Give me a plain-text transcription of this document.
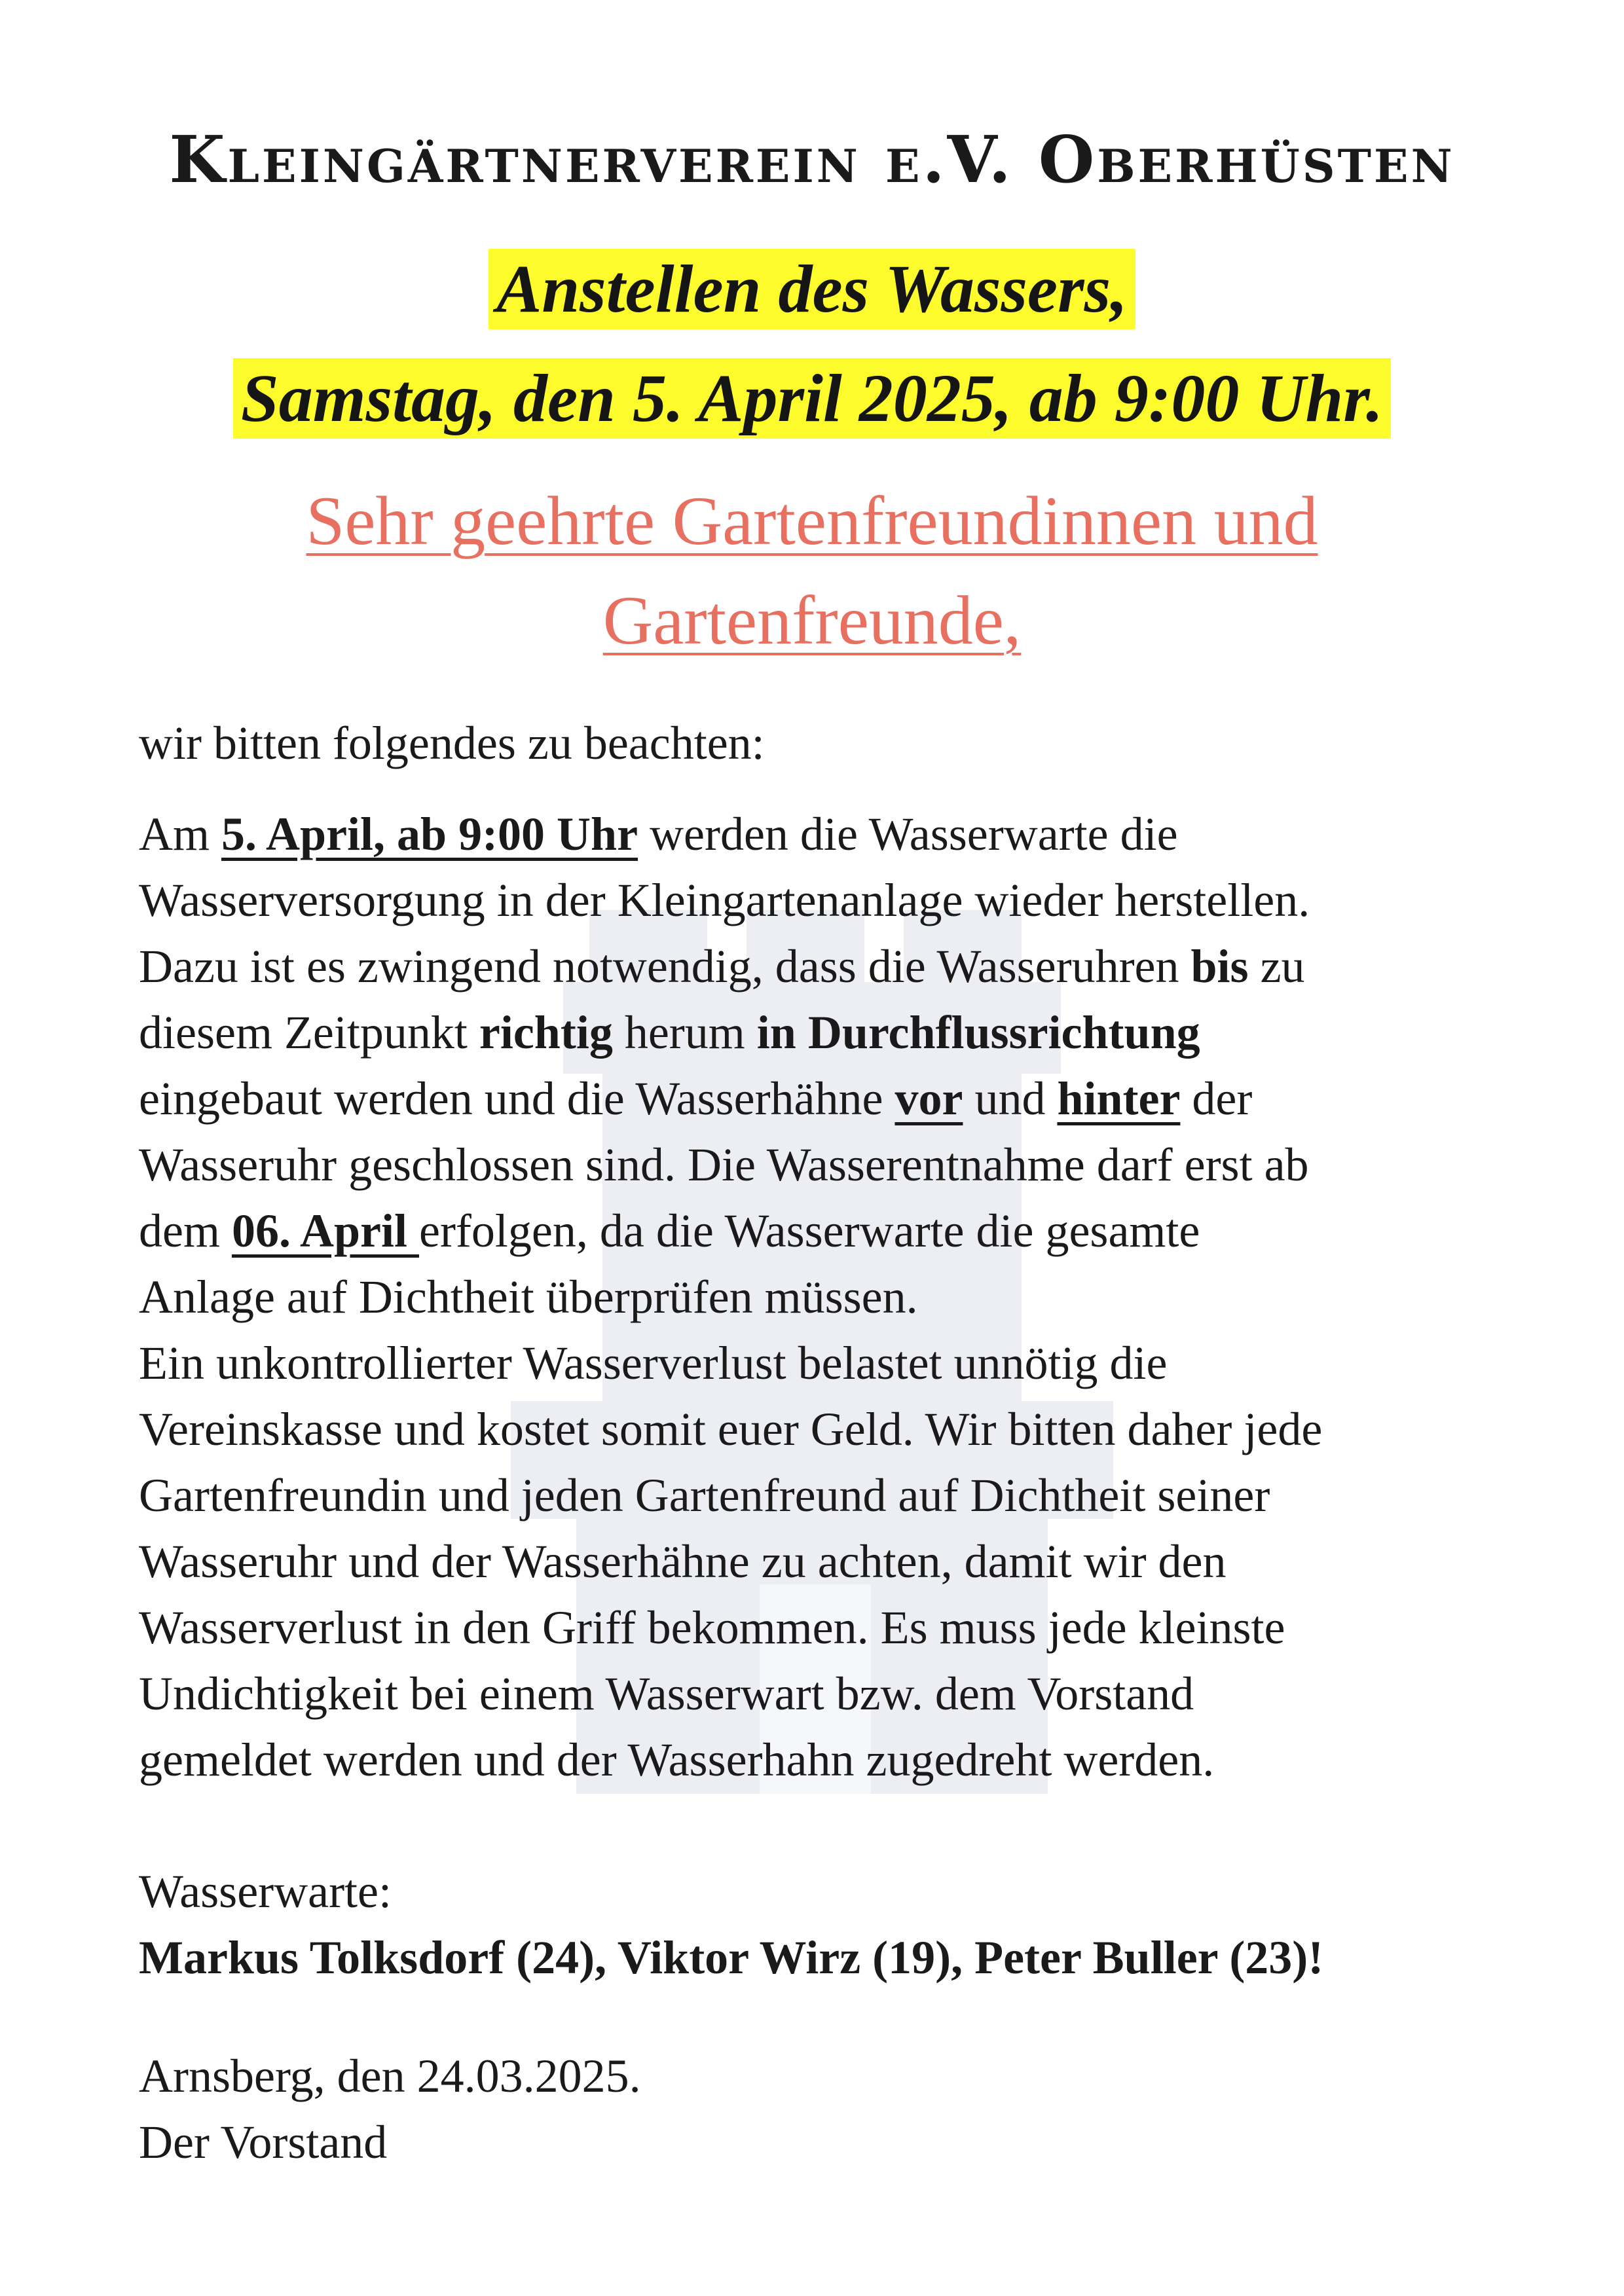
Kleingärtnerverein e.V. Oberhüsten
Anstellen des Wassers,
Samstag, den 5. April 2025, ab 9:00 Uhr.
Sehr geehrte Gartenfreundinnen und
Gartenfreunde,

wir bitten folgendes zu beachten:

Am 5. April, ab 9:00 Uhr werden die Wasserwarte die
Wasserversorgung in der Kleingartenanlage wieder herstellen.
Dazu ist es zwingend notwendig, dass die Wasseruhren bis zu
diesem Zeitpunkt richtig herum in Durchflussrichtung
eingebaut werden und die Wasserhähne vor und hinter der
Wasseruhr geschlossen sind. Die Wasserentnahme darf erst ab
dem 06. April erfolgen, da die Wasserwarte die gesamte
Anlage auf Dichtheit überprüfen müssen.
Ein unkontrollierter Wasserverlust belastet unnötig die
Vereinskasse und kostet somit euer Geld. Wir bitten daher jede
Gartenfreundin und jeden Gartenfreund auf Dichtheit seiner
Wasseruhr und der Wasserhähne zu achten, damit wir den
Wasserverlust in den Griff bekommen. Es muss jede kleinste
Undichtigkeit bei einem Wasserwart bzw. dem Vorstand
gemeldet werden und der Wasserhahn zugedreht werden.

Wasserwarte:

Markus Tolksdorf (24), Viktor Wirz (19), Peter Buller (23)!

Arnsberg, den 24.03.2025.

Der Vorstand
